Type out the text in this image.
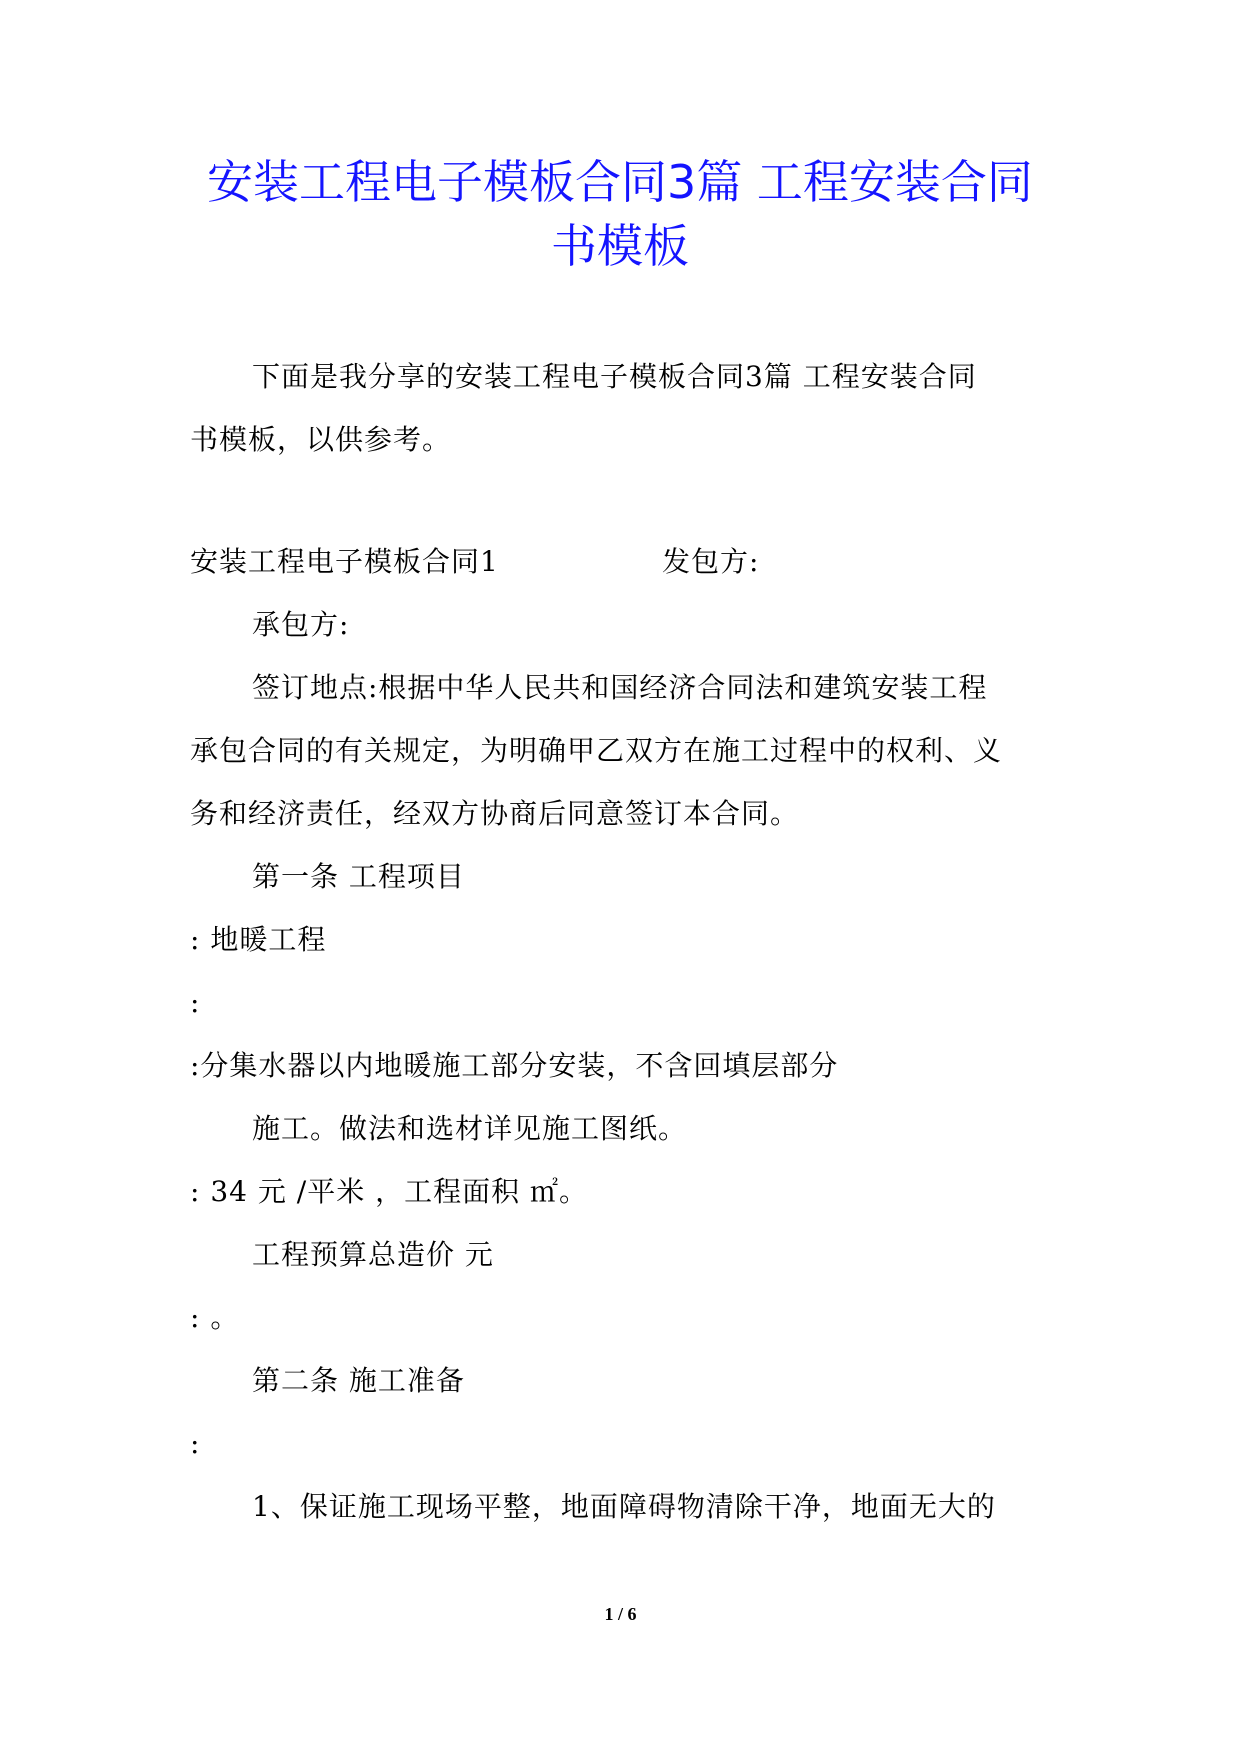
安装工程电子模板合同3篇 工程安装合同
书模板
下面是我分享的安装工程电子模板合同3篇 工程安装合同
书模板，以供参考。
安装工程电子模板合同1	发包方:
承包方:
签订地点:根据中华人民共和国经济合同法和建筑安装工程
承包合同的有关规定，为明确甲乙双方在施工过程中的权利、义
务和经济责任，经双方协商后同意签订本合同。
第一条 工程项目
: 地暖工程
:
:分集水器以内地暖施工部分安装，不含回填层部分
施工。做法和选材详见施工图纸。
: 34 元 /平米 ，工程面积 ㎡。
工程预算总造价 元
: 。
第二条 施工准备
:
1、保证施工现场平整，地面障碍物清除干净，地面无大的
1 / 6
